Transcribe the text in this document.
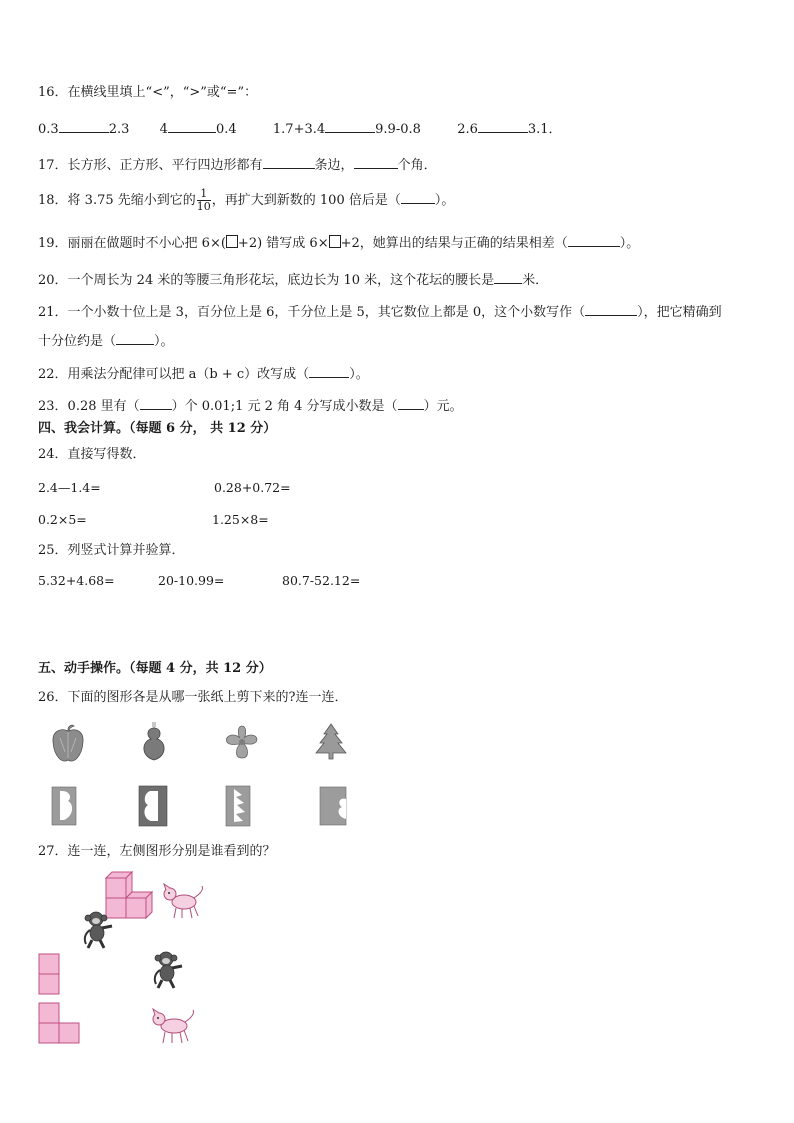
16．在横线里填上“<”，“>”或“=”：
0.3	2.3 4	0.4	1.7+3.4	9.9-0.8	2.6	3.1．
17．长方形、正方形、平行四边形都有	条边，	个角．
18．将 3.75 先缩小到它的 $\frac{1}{10}$ ，再扩大到新数的 100 倍后是（	）。
19．丽丽在做题时不小心把 6×( +2) 错写成 6× +2，她算出的结果与正确的结果相差（	）。
20．一个周长为 24 米的等腰三角形花坛，底边长为 10 米，这个花坛的腰长是 米．
21．一个小数十位上是 3，百分位上是 6，千分位上是 5，其它数位上都是 0，这个小数写作（	），把它精确到
十分位约是（	）。
22．用乘法分配律可以把 a（b + c）改写成（	）。
23．0.28 里有（ ）个 0.01;1 元 2 角 4 分写成小数是（ ）元。
四、我会计算。（每题 6 分， 共 12 分）
24．直接写得数．
2.4—1.4=	0.28+0.72=
0.2×5=	1.25×8=
25．列竖式计算并验算．
5.32+4.68=	20-10.99=	80.7-52.12=
五、动手操作。（每题 4 分，共 12 分）
26．下面的图形各是从哪一张纸上剪下来的?连一连．
27．连一连，左侧图形分别是谁看到的？
